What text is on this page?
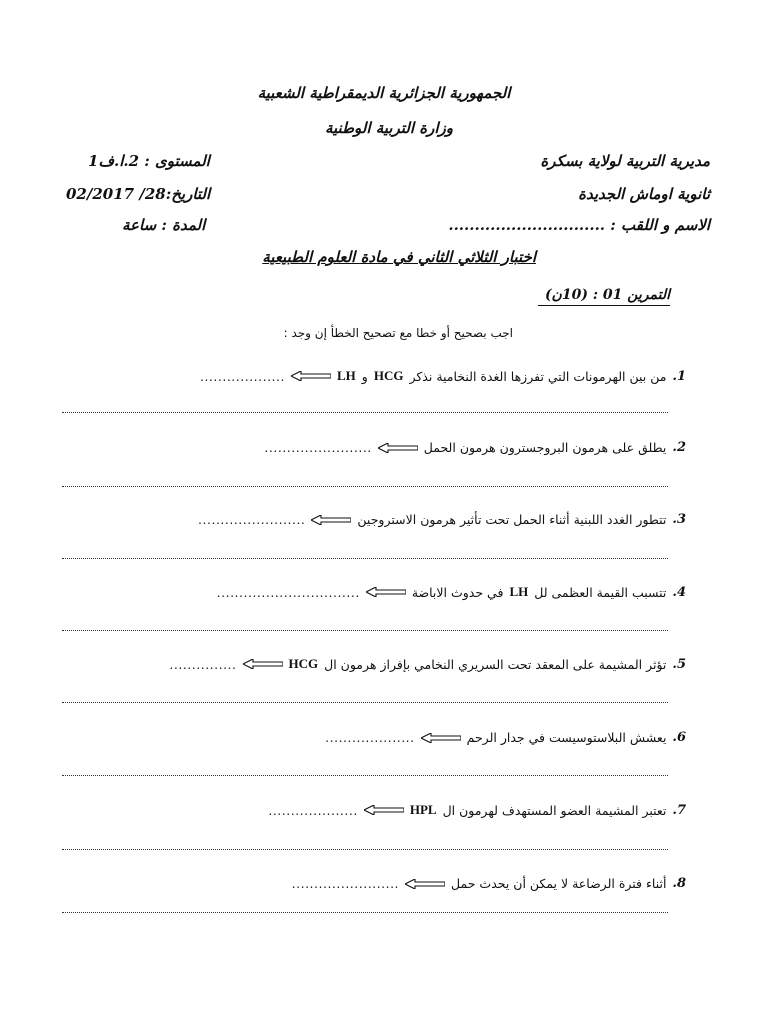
الجمهورية الجزائرية الديمقراطية الشعبية
وزارة التربية الوطنية
مديرية التربية لولاية بسكرة
ثانوية اوماش الجديدة
الاسم و اللقب : ..............................
المستوى : 2.ا.ف1
التاريخ:28/ 02/2017
المدة : ساعة
اختبار الثلاثي الثاني في مادة العلوم الطبيعية
التمرين 01 : (10ن)
اجب بصحيح أو خطا مع تصحيح الخطأ إن وجد :
1.
من بين الهرمونات التي تفرزها الغدة النخامية نذكر
HCG
و
LH
...................
2.
يطلق على هرمون البروجسترون هرمون الحمل
........................
3.
تتطور الغدد اللبنية أثناء الحمل تحت تأثير هرمون الاستروجين
........................
4.
تتسبب القيمة العظمى لل
LH
في حدوث الاباضة
................................
5.
تؤثر المشيمة على المعقد تحت السريري النخامي بإفراز هرمون ال
HCG
...............
6.
يعشش البلاستوسيست في جدار الرحم
....................
7.
تعتبر المشيمة العضو المستهدف لهرمون ال
HPL
....................
8.
أثناء فترة الرضاعة لا يمكن أن يحدث حمل
........................
